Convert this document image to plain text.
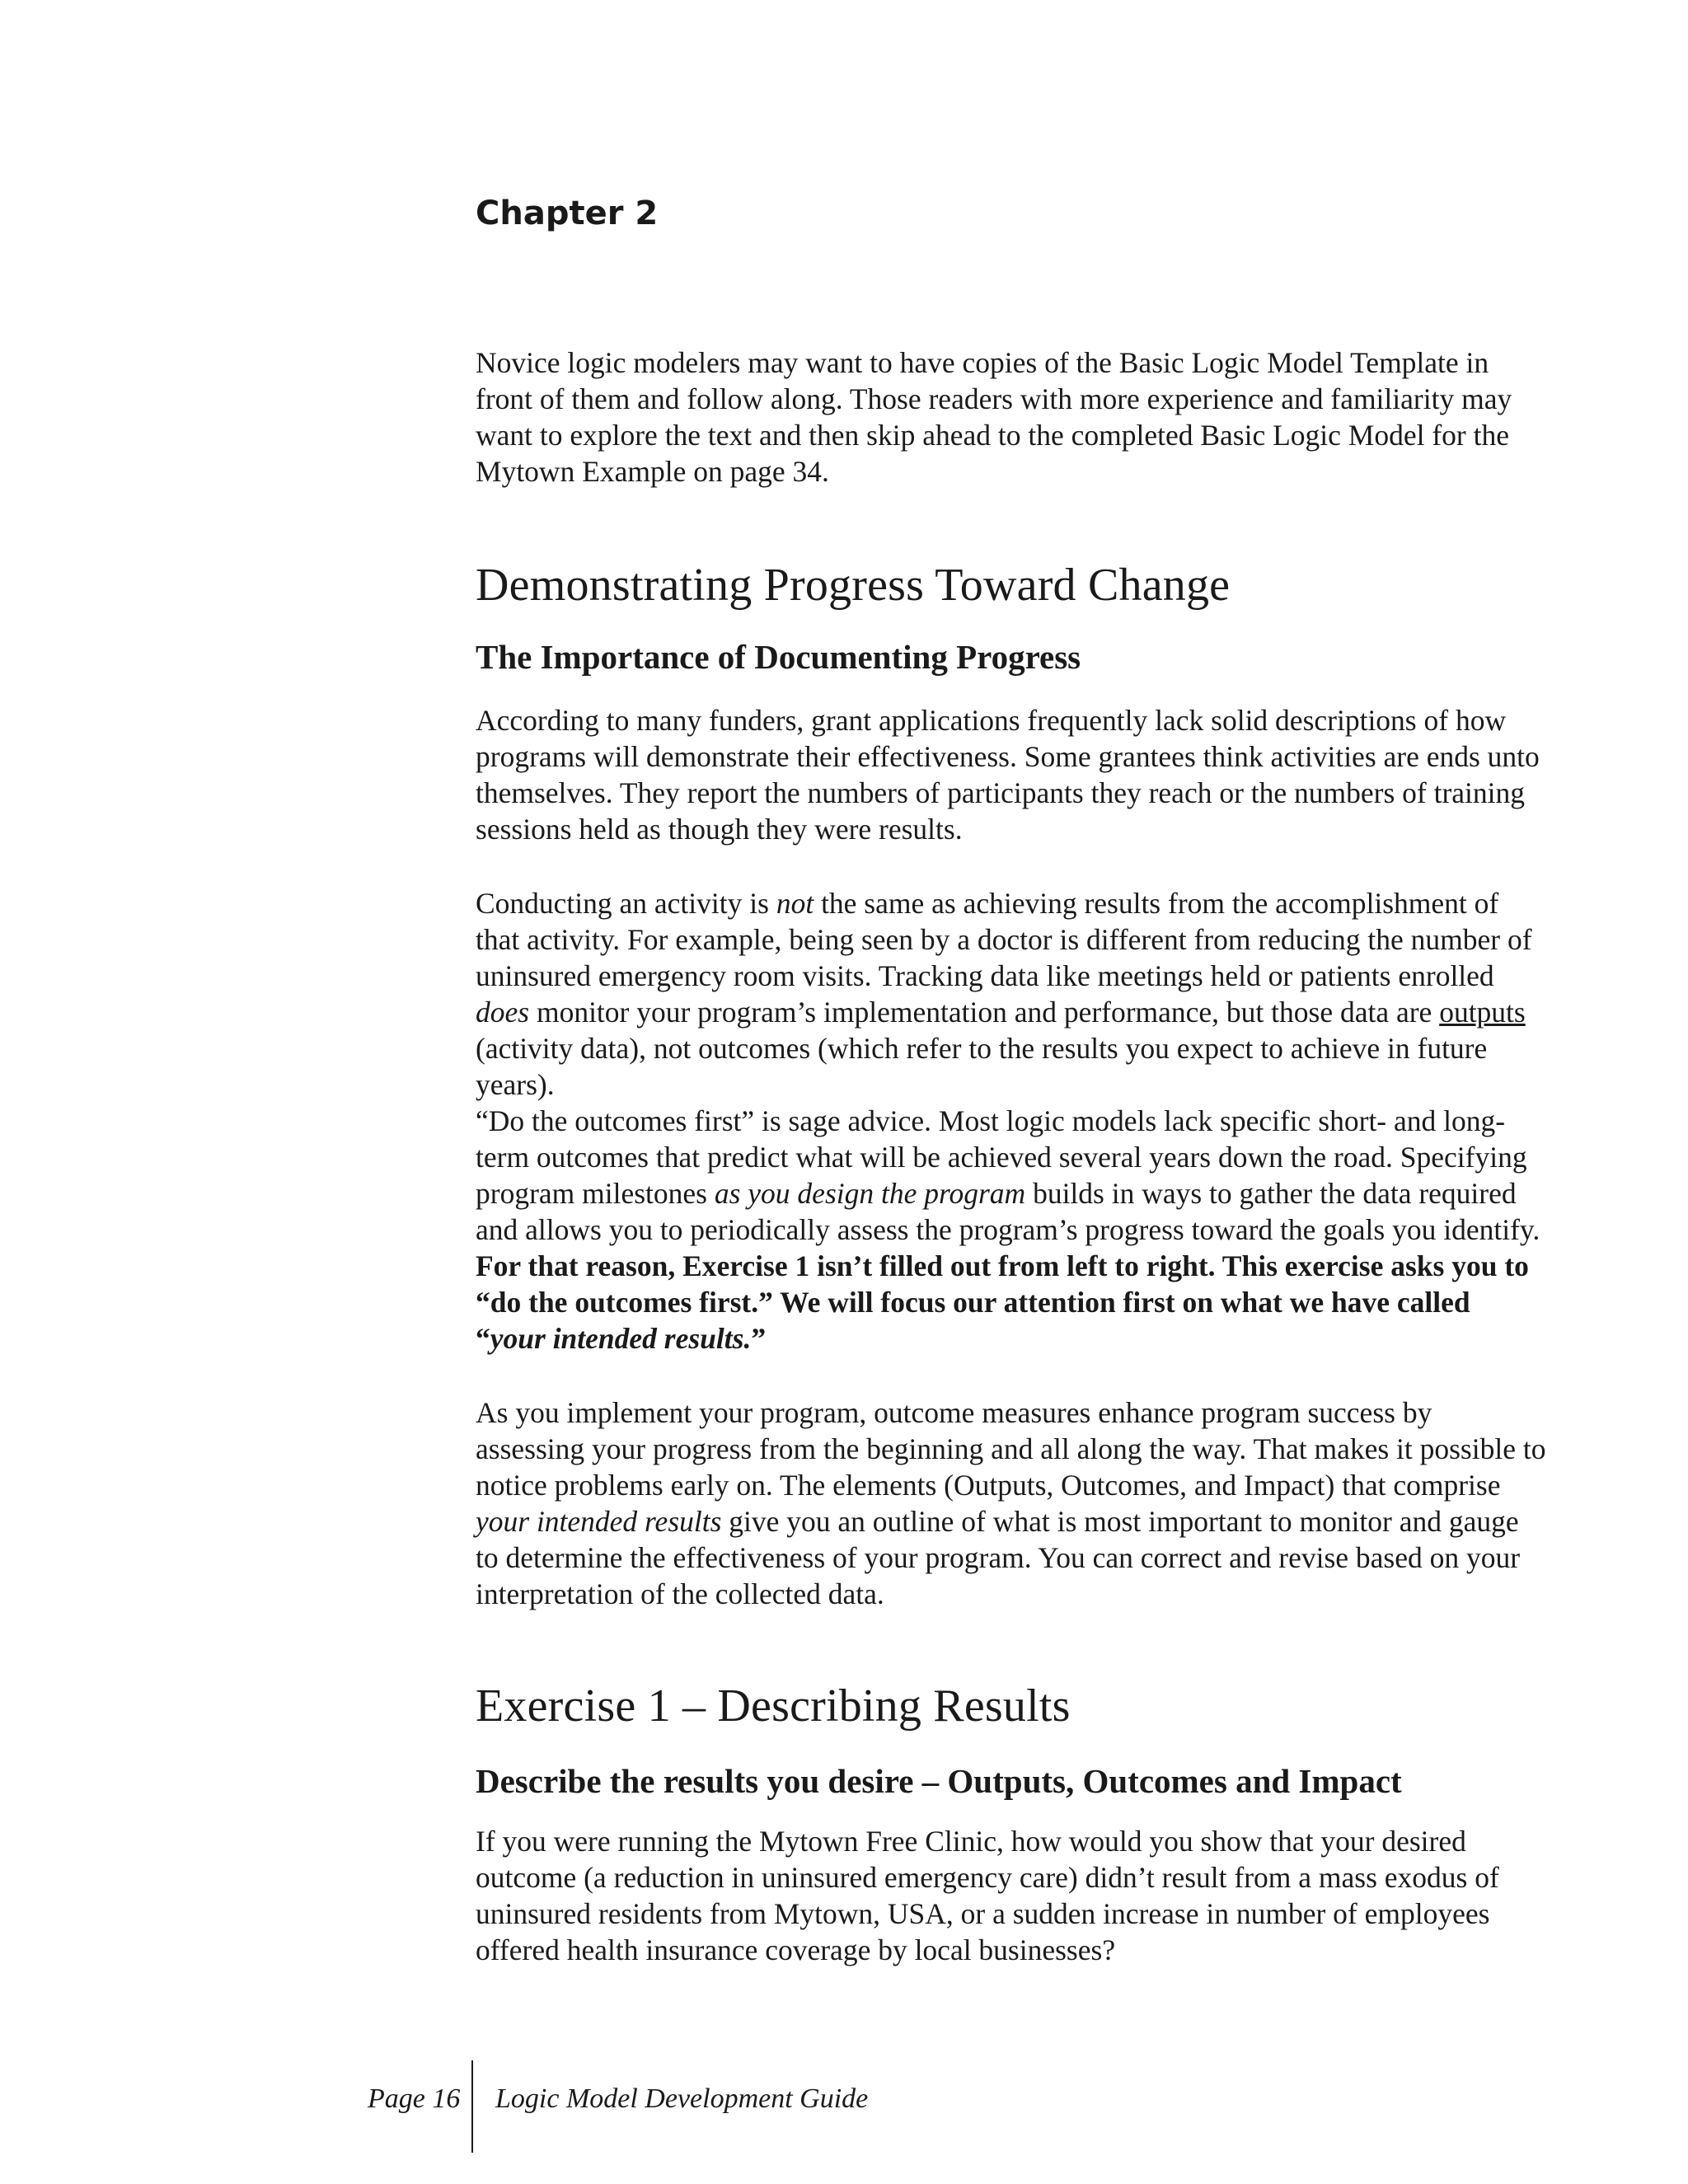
Chapter 2

Novice logic modelers may want to have copies of the Basic Logic Model Template in front of them and follow along. Those readers with more experience and familiarity may want to explore the text and then skip ahead to the completed Basic Logic Model for the Mytown Example on page 34.

Demonstrating Progress Toward Change
The Importance of Documenting Progress

According to many funders, grant applications frequently lack solid descriptions of how programs will demonstrate their effectiveness. Some grantees think activities are ends unto themselves. They report the numbers of participants they reach or the numbers of training sessions held as though they were results.

Conducting an activity is not the same as achieving results from the accomplishment of that activity. For example, being seen by a doctor is different from reducing the number of uninsured emergency room visits. Tracking data like meetings held or patients enrolled does monitor your program’s implementation and performance, but those data are outputs (activity data), not outcomes (which refer to the results you expect to achieve in future years).

“Do the outcomes first” is sage advice. Most logic models lack specific short- and long-term outcomes that predict what will be achieved several years down the road. Specifying program milestones as you design the program builds in ways to gather the data required and allows you to periodically assess the program’s progress toward the goals you identify. For that reason, Exercise 1 isn’t filled out from left to right. This exercise asks you to “do the outcomes first.” We will focus our attention first on what we have called “your intended results.”

As you implement your program, outcome measures enhance program success by assessing your progress from the beginning and all along the way. That makes it possible to notice problems early on. The elements (Outputs, Outcomes, and Impact) that comprise your intended results give you an outline of what is most important to monitor and gauge to determine the effectiveness of your program. You can correct and revise based on your interpretation of the collected data.

Exercise 1 – Describing Results
Describe the results you desire – Outputs, Outcomes and Impact

If you were running the Mytown Free Clinic, how would you show that your desired outcome (a reduction in uninsured emergency care) didn’t result from a mass exodus of uninsured residents from Mytown, USA, or a sudden increase in number of employees offered health insurance coverage by local businesses?

Page 16 Logic Model Development Guide
